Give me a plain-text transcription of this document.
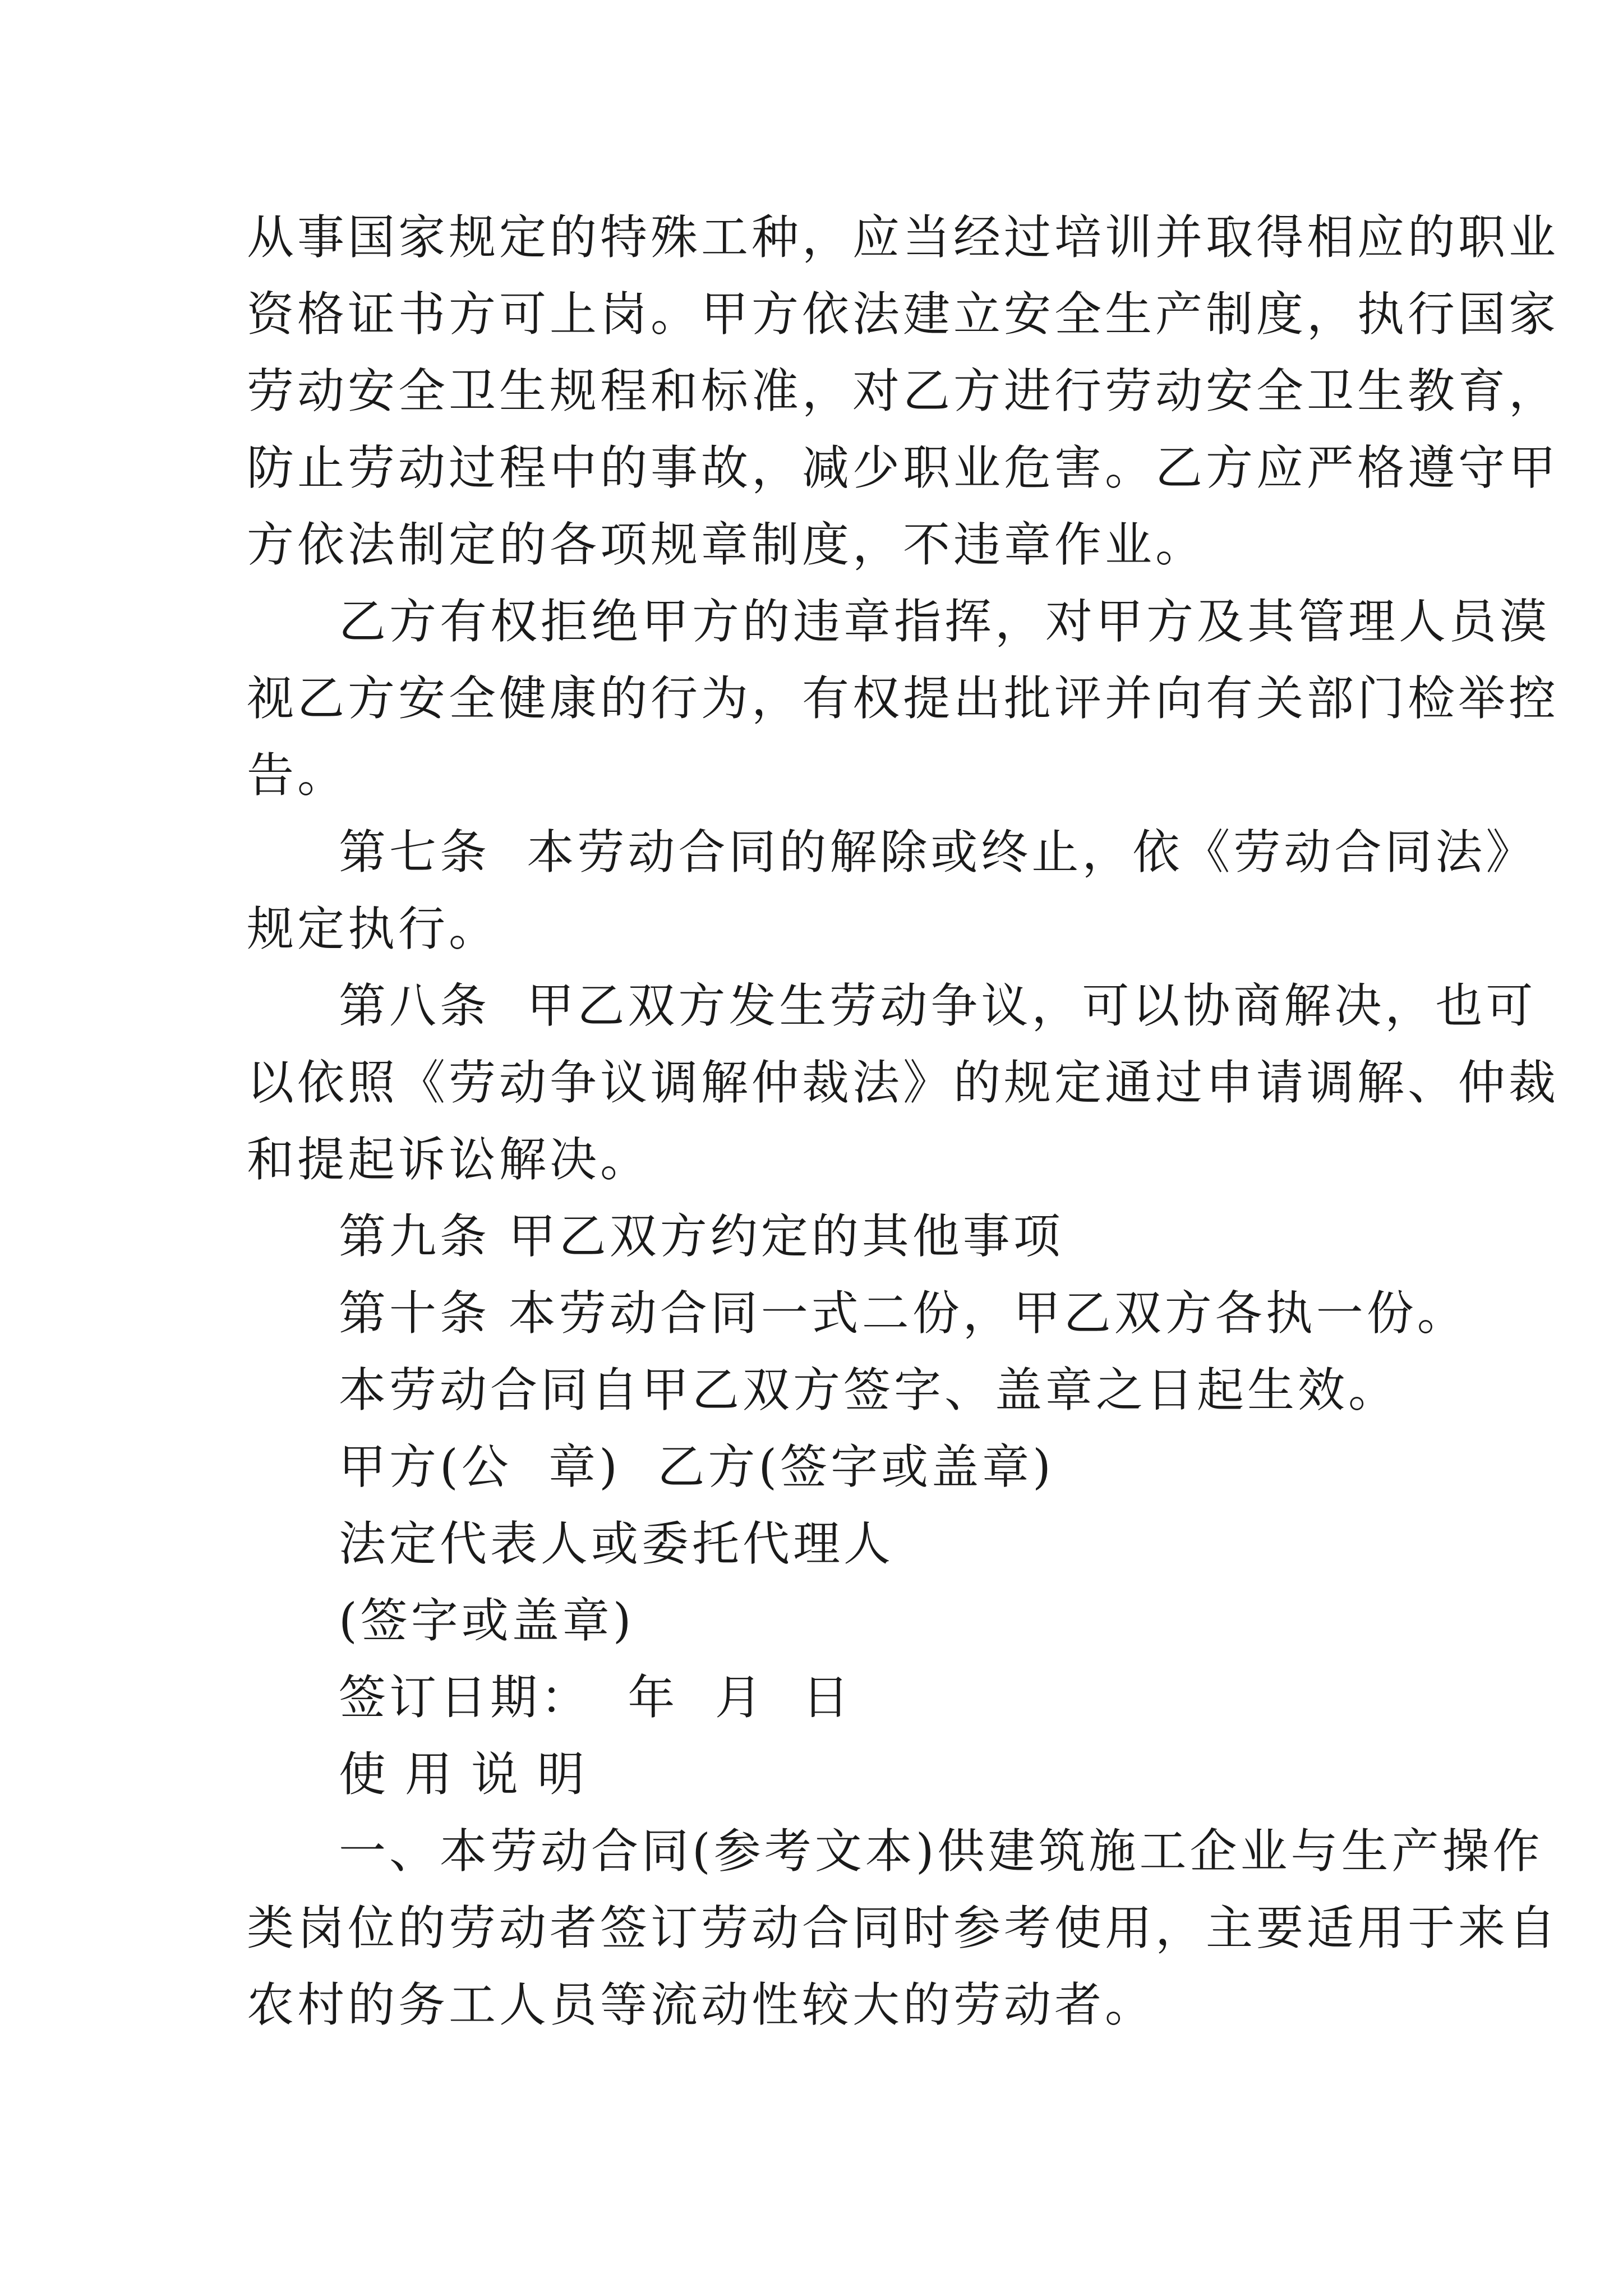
从事国家规定的特殊工种，应当经过培训并取得相应的职业
资格证书方可上岗。甲方依法建立安全生产制度，执行国家
劳动安全卫生规程和标准，对乙方进行劳动安全卫生教育，
防止劳动过程中的事故，减少职业危害。乙方应严格遵守甲
方依法制定的各项规章制度，不违章作业。

乙方有权拒绝甲方的违章指挥，对甲方及其管理人员漠
视乙方安全健康的行为，有权提出批评并向有关部门检举控
告。

第七条  本劳动合同的解除或终止，依《劳动合同法》
规定执行。

第八条  甲乙双方发生劳动争议，可以协商解决，也可
以依照《劳动争议调解仲裁法》的规定通过申请调解、仲裁
和提起诉讼解决。

第九条 甲乙双方约定的其他事项

第十条 本劳动合同一式二份，甲乙双方各执一份。

本劳动合同自甲乙双方签字、盖章之日起生效。

甲方(公  章)  乙方(签字或盖章)

法定代表人或委托代理人

(签字或盖章)

签订日期：  年  月  日

使用说明

一、本劳动合同(参考文本)供建筑施工企业与生产操作
类岗位的劳动者签订劳动合同时参考使用，主要适用于来自
农村的务工人员等流动性较大的劳动者。
